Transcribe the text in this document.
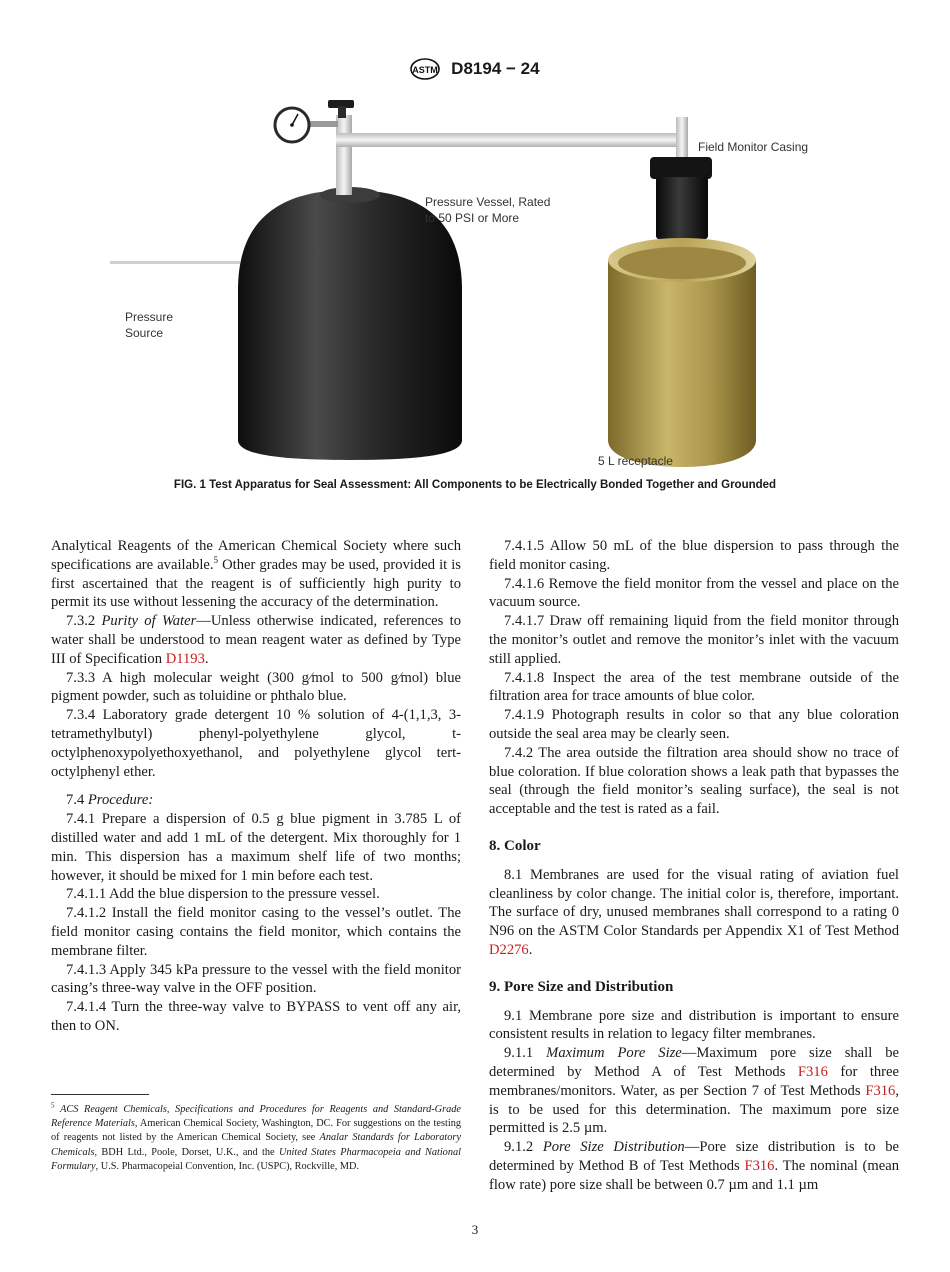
ASTM D8194 − 24
Field Monitor Casing
Pressure Vessel, Rated
to 50 PSI or More
Pressure
Source
5 L receptacle
FIG. 1 Test Apparatus for Seal Assessment: All Components to be Electrically Bonded Together and Grounded

Analytical Reagents of the American Chemical Society where such specifications are available.$^5$ Other grades may be used, provided it is first ascertained that the reagent is of sufficiently high purity to permit its use without lessening the accuracy of the determination.

7.3.2 Purity of Water—Unless otherwise indicated, references to water shall be understood to mean reagent water as defined by Type III of Specification D1193.

7.3.3 A high molecular weight (300 g⁄mol to 500 g⁄mol) blue pigment powder, such as toluidine or phthalo blue.

7.3.4 Laboratory grade detergent 10 % solution of 4-(1,1,3, 3-tetramethylbutyl) phenyl-polyethylene glycol, t-octylphenoxypolyethoxyethanol, and polyethylene glycol tert-octylphenyl ether.

7.4 Procedure:

7.4.1 Prepare a dispersion of 0.5 g blue pigment in 3.785 L of distilled water and add 1 mL of the detergent. Mix thoroughly for 1 min. This dispersion has a maximum shelf life of two months; however, it should be mixed for 1 min before each test.

7.4.1.1 Add the blue dispersion to the pressure vessel.

7.4.1.2 Install the field monitor casing to the vessel’s outlet. The field monitor casing contains the field monitor, which contains the membrane filter.

7.4.1.3 Apply 345 kPa pressure to the vessel with the field monitor casing’s three-way valve in the OFF position.

7.4.1.4 Turn the three-way valve to BYPASS to vent off any air, then to ON.

7.4.1.5 Allow 50 mL of the blue dispersion to pass through the field monitor casing.

7.4.1.6 Remove the field monitor from the vessel and place on the vacuum source.

7.4.1.7 Draw off remaining liquid from the field monitor through the monitor’s outlet and remove the monitor’s inlet with the vacuum still applied.

7.4.1.8 Inspect the area of the test membrane outside of the filtration area for trace amounts of blue color.

7.4.1.9 Photograph results in color so that any blue coloration outside the seal area may be clearly seen.

7.4.2 The area outside the filtration area should show no trace of blue coloration. If blue coloration shows a leak path that bypasses the seal (through the field monitor’s sealing surface), the seal is not acceptable and the test is rated as a fail.

8. Color

8.1 Membranes are used for the visual rating of aviation fuel cleanliness by color change. The initial color is, therefore, important. The surface of dry, unused membranes shall correspond to a rating 0 N96 on the ASTM Color Standards per Appendix X1 of Test Method D2276.

9. Pore Size and Distribution

9.1 Membrane pore size and distribution is important to ensure consistent results in relation to legacy filter membranes.

9.1.1 Maximum Pore Size—Maximum pore size shall be determined by Method A of Test Methods F316 for three membranes/monitors. Water, as per Section 7 of Test Methods F316, is to be used for this determination. The maximum pore size permitted is 2.5 µm.

9.1.2 Pore Size Distribution—Pore size distribution is to be determined by Method B of Test Methods F316. The nominal (mean flow rate) pore size shall be between 0.7 µm and 1.1 µm

$^5$ ACS Reagent Chemicals, Specifications and Procedures for Reagents and Standard-Grade Reference Materials, American Chemical Society, Washington, DC. For suggestions on the testing of reagents not listed by the American Chemical Society, see Analar Standards for Laboratory Chemicals, BDH Ltd., Poole, Dorset, U.K., and the United States Pharmacopeia and National Formulary, U.S. Pharmacopeial Convention, Inc. (USPC), Rockville, MD.
3
